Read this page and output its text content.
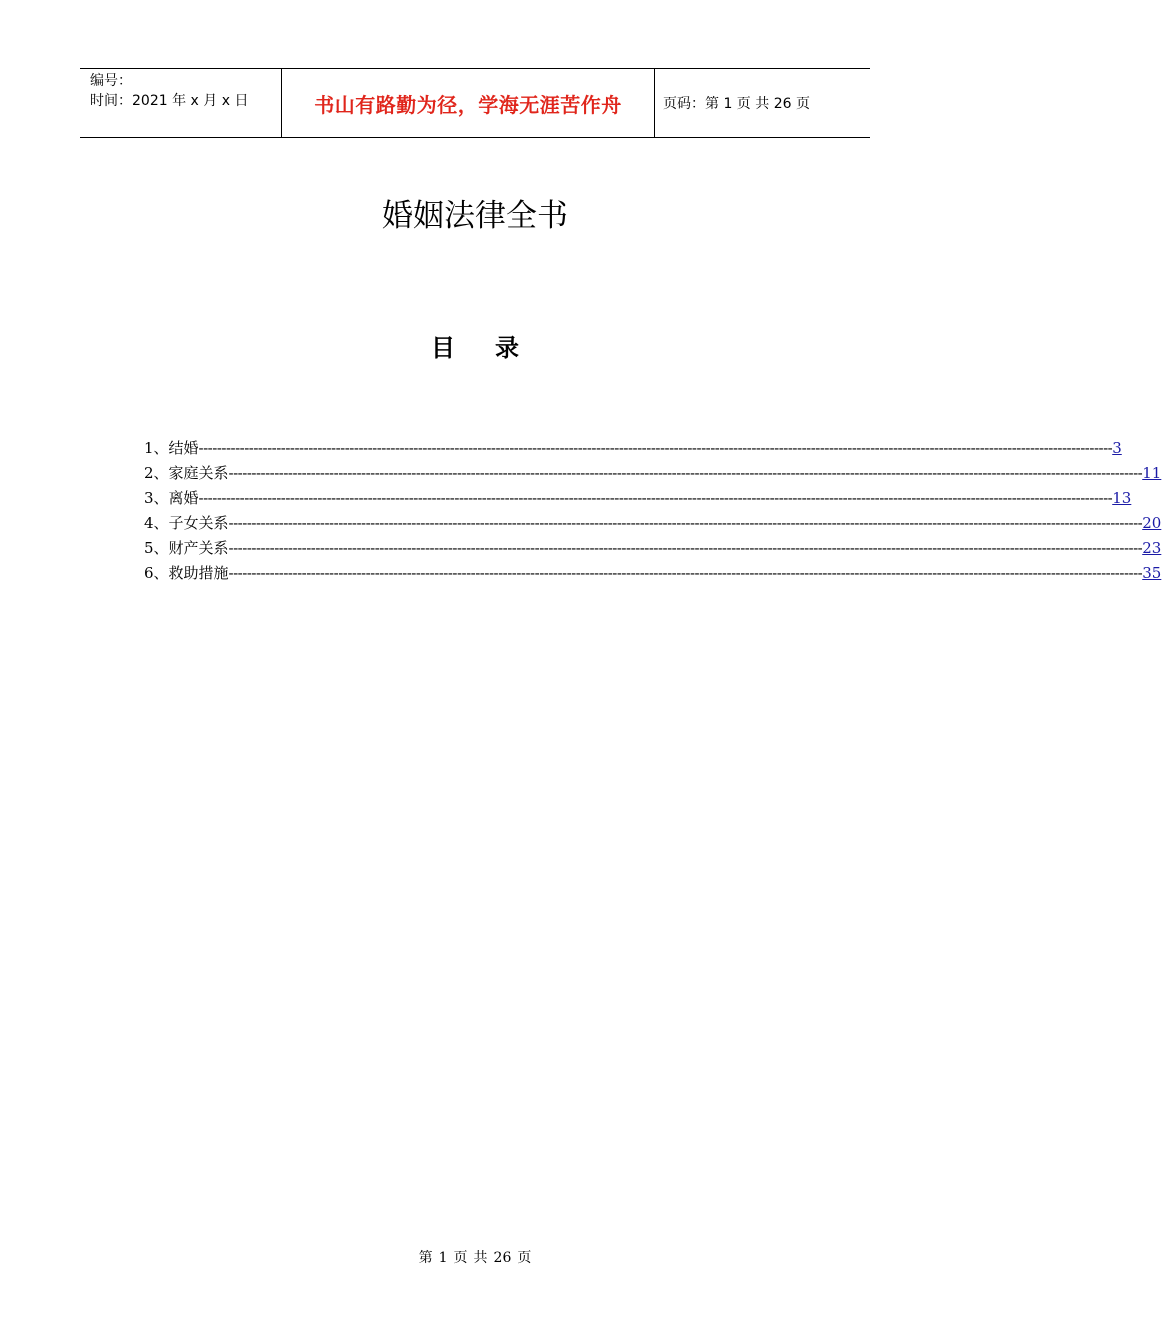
编号：
时间：2021 年 x 月 x 日	书山有路勤为径，学海无涯苦作舟	页码：第 1 页 共 26 页
婚姻法律全书
目 录
1、结婚 -------------------------------------------------------------------------------------------------------------------------------------------------------------------------------------------------------- 3
2、家庭关系 -------------------------------------------------------------------------------------------------------------------------------------------------------------------------------------------------------- 11
3、离婚 -------------------------------------------------------------------------------------------------------------------------------------------------------------------------------------------------------- 13
4、子女关系 -------------------------------------------------------------------------------------------------------------------------------------------------------------------------------------------------------- 20
5、财产关系 -------------------------------------------------------------------------------------------------------------------------------------------------------------------------------------------------------- 23
6、救助措施 -------------------------------------------------------------------------------------------------------------------------------------------------------------------------------------------------------- 35
第 1 页 共 26 页
